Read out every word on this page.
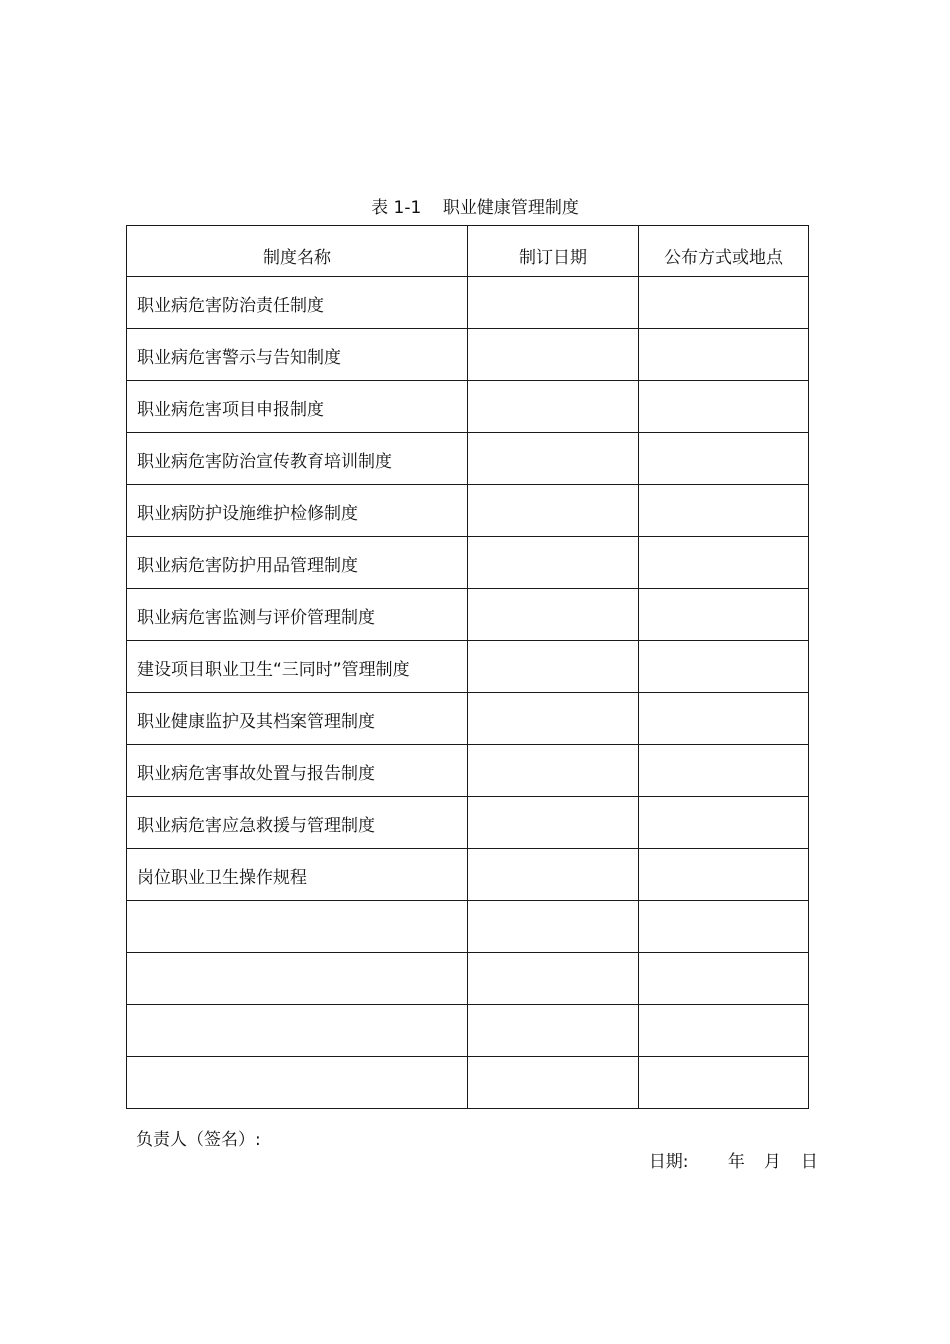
表 1-1    职业健康管理制度
制度名称	制订日期	公布方式或地点
职业病危害防治责任制度		
职业病危害警示与告知制度		
职业病危害项目申报制度		
职业病危害防治宣传教育培训制度		
职业病防护设施维护检修制度		
职业病危害防护用品管理制度		
职业病危害监测与评价管理制度		
建设项目职业卫生“三同时”管理制度		
职业健康监护及其档案管理制度		
职业病危害事故处置与报告制度		
职业病危害应急救援与管理制度		
岗位职业卫生操作规程		

负责人（签名）:

日期: 年 月 日
